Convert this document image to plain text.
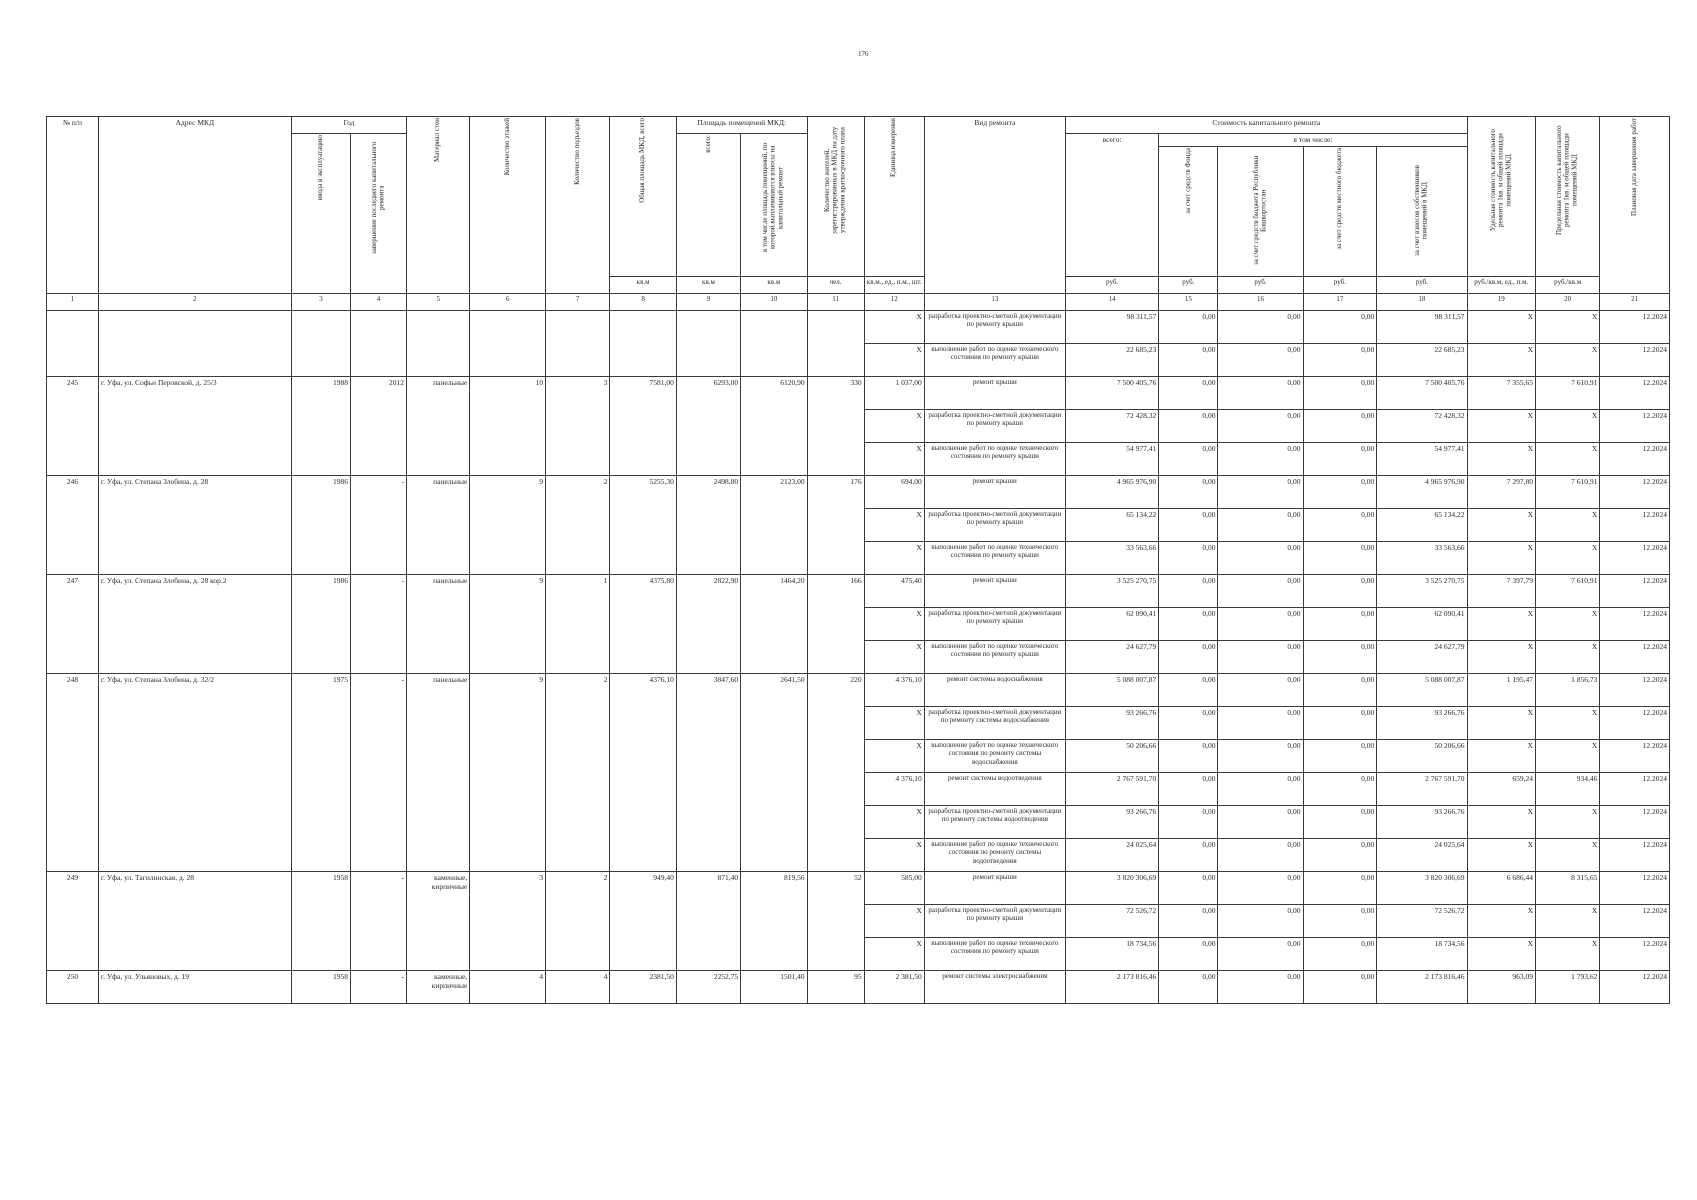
176
№ п/п	Адрес МКД	Год		Материал стен	Количество этажей	Количество подъездов	Общая площадь МКД, всего	Площадь помещений МКД:		Количество жителей, зарегистрированных в МКД на дату утверждения краткосрочного плана	Единица измерения	Вид ремонта	Стоимость капитального ремонта					Удельная стоимость капитального ремонта 1кв. м общей площади помещений МКД	Предельная стоимость капитального ремонта 1кв. м общей площади помещений МКД	Плановая дата завершения работ
		ввода в эксплуатацию	завершение последнего капитального ремонта					всего:	в том числе площадь помещений, по которой выплачиваются взносы на капитальный ремонт				всего:	в том числе:						
														за счет средств Фонда	за счет средств бюджета Республики Башкортостан	за счет средств местного бюджета	за счет взносов собственников помещений в МКД			
							кв.м	кв.м	кв.м	чел.	кв.м., ед., п.м., шт.		руб.	руб.	руб.	руб.	руб.	руб./кв.м, ед., п.м.	руб./кв.м	
1	2	3	4	5	6	7	8	9	10	11	12	13	14	15	16	17	18	19	20	21
											X	разработка проектно-сметной документации по ремонту крыши	98 311,57	0,00	0,00	0,00	98 311,57	X	X	12.2024
											X	выполнение работ по оценке технического состояния по ремонту крыши	22 685,23	0,00	0,00	0,00	22 685,23	X	X	12.2024
245	г. Уфа, ул. Софьи Перовской, д. 25/3	1988	2012	панельные	10	3	7581,00	6293,00	6120,90	330	1 037,00	ремонт крыши	7 500 405,76	0,00	0,00	0,00	7 500 405,76	7 355,65	7 610,91	12.2024
											X	разработка проектно-сметной документации по ремонту крыши	72 428,32	0,00	0,00	0,00	72 428,32	X	X	12.2024
											X	выполнение работ по оценке технического состояния по ремонту крыши	54 977,41	0,00	0,00	0,00	54 977,41	X	X	12.2024
246	г. Уфа, ул. Степана Злобина, д. 28	1986	-	панельные	9	2	5255,30	2498,80	2123,00	176	694,00	ремонт крыши	4 965 976,90	0,00	0,00	0,00	4 965 976,90	7 297,80	7 610,91	12.2024
											X	разработка проектно-сметной документации по ремонту крыши	65 134,22	0,00	0,00	0,00	65 134,22	X	X	12.2024
											X	выполнение работ по оценке технического состояния по ремонту крыши	33 563,66	0,00	0,00	0,00	33 563,66	X	X	12.2024
247	г. Уфа, ул. Степана Злобина, д. 28 кор.2	1986	-	панельные	9	1	4375,80	2822,90	1464,20	166	475,40	ремонт крыши	3 525 270,75	0,00	0,00	0,00	3 525 270,75	7 397,79	7 610,91	12.2024
											X	разработка проектно-сметной документации по ремонту крыши	62 090,41	0,00	0,00	0,00	62 090,41	X	X	12.2024
											X	выполнение работ по оценке технического состояния по ремонту крыши	24 627,79	0,00	0,00	0,00	24 627,79	X	X	12.2024
248	г. Уфа, ул. Степана Злобина, д. 32/2	1975	-	панельные	9	2	4376,10	3847,60	2641,50	220	4 376,10	ремонт системы водоснабжения	5 088 007,87	0,00	0,00	0,00	5 088 007,87	1 195,47	1 856,73	12.2024
											X	разработка проектно-сметной документации по ремонту системы водоснабжения	93 266,76	0,00	0,00	0,00	93 266,76	X	X	12.2024
											X	выполнение работ по оценке технического состояния по ремонту системы водоснабжения	50 206,66	0,00	0,00	0,00	50 206,66	X	X	12.2024
											4 376,10	ремонт системы водоотведения	2 767 591,70	0,00	0,00	0,00	2 767 591,70	659,24	934,46	12.2024
											X	разработка проектно-сметной документации по ремонту системы водоотведения	93 266,76	0,00	0,00	0,00	93 266,76	X	X	12.2024
											X	выполнение работ по оценке технического состояния по ремонту системы водоотведения	24 025,64	0,00	0,00	0,00	24 025,64	X	X	12.2024
249	г. Уфа, ул. Тагилинская, д. 28	1958	-	каменные, кирпичные	3	2	949,40	871,40	819,56	52	585,00	ремонт крыши	3 820 306,69	0,00	0,00	0,00	3 820 306,69	6 686,44	8 315,65	12.2024
											X	разработка проектно-сметной документации по ремонту крыши	72 526,72	0,00	0,00	0,00	72 526,72	X	X	12.2024
											X	выполнение работ по оценке технического состояния по ремонту крыши	18 734,56	0,00	0,00	0,00	18 734,56	X	X	12.2024
250	г. Уфа, ул. Ульяновых, д. 19	1958	-	каменные, кирпичные	4	4	2381,50	2252,75	1501,40	95	2 381,50	ремонт системы электроснабжения	2 173 816,46	0,00	0,00	0,00	2 173 816,46	963,09	1 793,62	12.2024
